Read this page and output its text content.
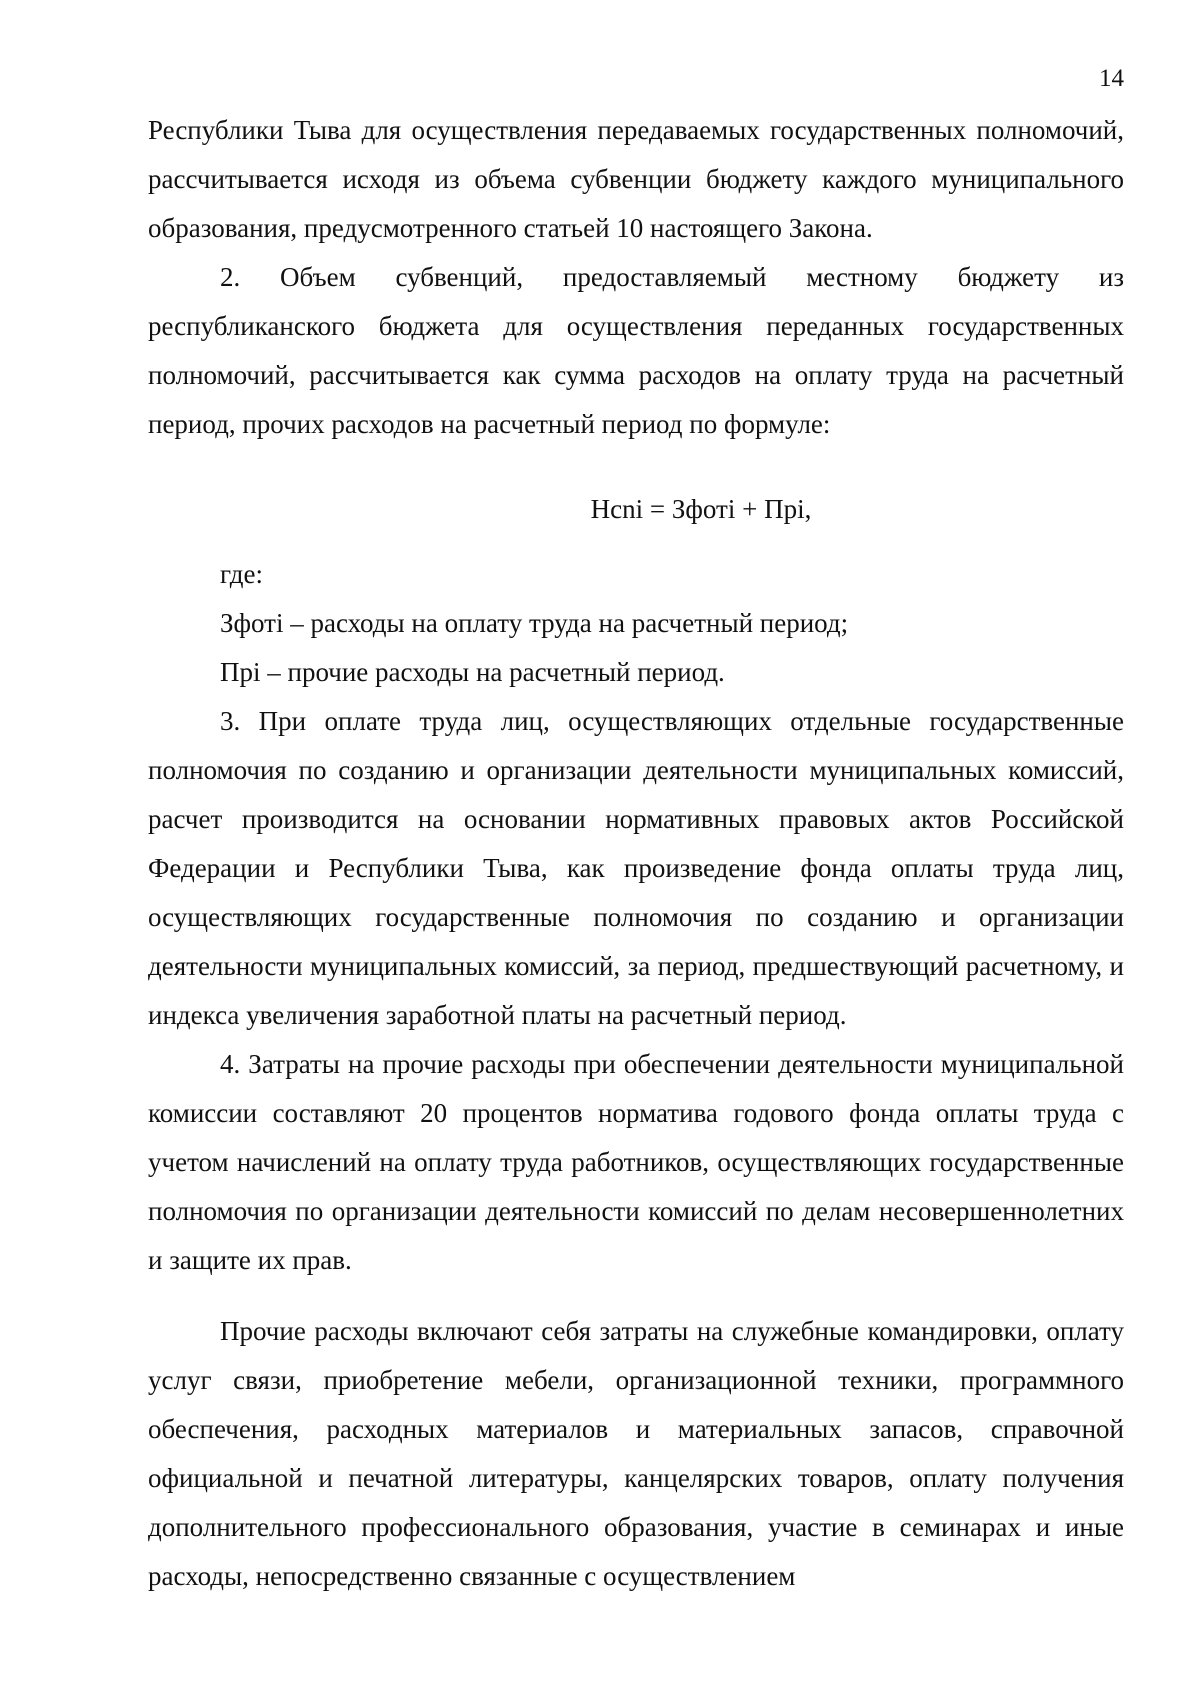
14

Республики Тыва для осуществления передаваемых государственных полномочий, рассчитывается исходя из объема субвенции бюджету каждого муниципального образования, предусмотренного статьей 10 настоящего Закона.

2. Объем субвенций, предоставляемый местному бюджету из республиканского бюджета для осуществления переданных государственных полномочий, рассчитывается как сумма расходов на оплату труда на расчетный период, прочих расходов на расчетный период по формуле:

Нсni = Зфотi + Прi,

где:

Зфотi – расходы на оплату труда на расчетный период;

Прi – прочие расходы на расчетный период.

3. При оплате труда лиц, осуществляющих отдельные государственные полномочия по созданию и организации деятельности муниципальных комиссий, расчет производится на основании нормативных правовых актов Российской Федерации и Республики Тыва, как произведение фонда оплаты труда лиц, осуществляющих государственные полномочия по созданию и организации деятельности муниципальных комиссий, за период, предшествующий расчетному, и индекса увеличения заработной платы на расчетный период.

4. Затраты на прочие расходы при обеспечении деятельности муниципальной комиссии составляют 20 процентов норматива годового фонда оплаты труда с учетом начислений на оплату труда работников, осуществляющих государственные полномочия по организации деятельности комиссий по делам несовершеннолетних и защите их прав.

Прочие расходы включают себя затраты на служебные командировки, оплату услуг связи, приобретение мебели, организационной техники, программного обеспечения, расходных материалов и материальных запасов, справочной официальной и печатной литературы, канцелярских товаров, оплату получения дополнительного профессионального образования, участие в семинарах и иные расходы, непосредственно связанные с осуществлением
